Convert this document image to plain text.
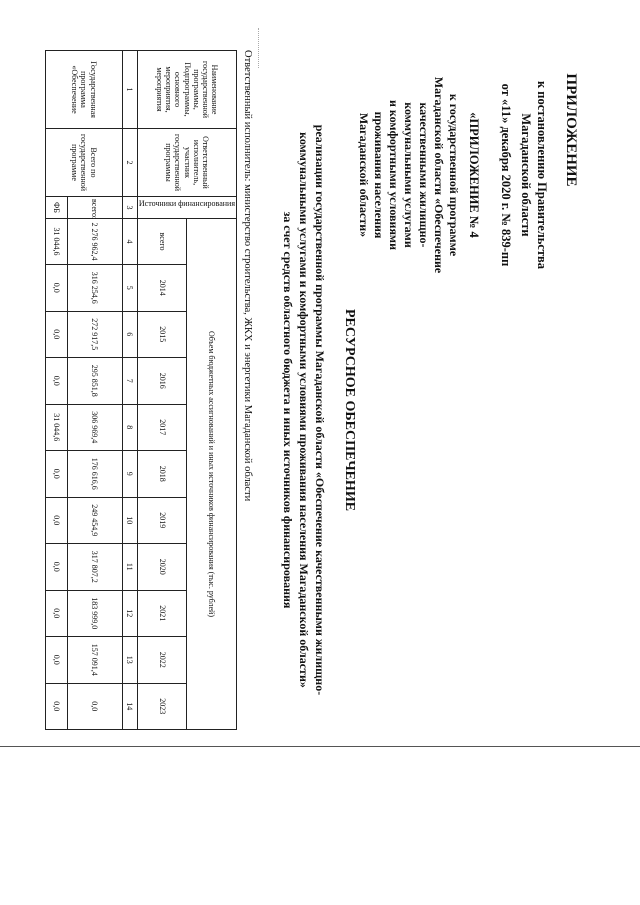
ПРИЛОЖЕНИЕ
к постановлению Правительства
Магаданской области
от «11» декабря 2020 г. № 839-пп
«ПРИЛОЖЕНИЕ № 4
к государственной программе
Магаданской области «Обеспечение
качественными жилищно-
коммунальными услугами
и комфортными условиями
проживания населения
Магаданской области»
РЕСУРСНОЕ ОБЕСПЕЧЕНИЕ
реализации государственной программы Магаданской области «Обеспечение качественными жилищно-
коммунальными услугами и комфортными условиями проживания населения Магаданской области»
за счет средств областного бюджета и иных источников финансирования
Ответственный исполнитель: министерство строительства, ЖКХ и энергетики Магаданской области
Наименование государственной программы, Подпрограммы, основного мероприятия, мероприятия	Ответственный исполнитель, участник государственной программы	Источники финансирования	Объем бюджетных ассигнований и иных источников финансирования (тыс. рублей)										
			всего	2014	2015	2016	2017	2018	2019	2020	2021	2022	2023
1	2	3	4	5	6	7	8	9	10	11	12	13	14
Государственная программа «Обеспечение	Всего по государственной программе	всего:	2 276 962,4	316 254,6	272 917,5	295 851,8	306 969,4	176 616,6	249 454,9	317 807,2	183 999,0	157 091,4	0,0
		ФБ	31 044,6	0,0	0,0	0,0	31 044,6	0,0	0,0	0,0	0,0	0,0	0,0
